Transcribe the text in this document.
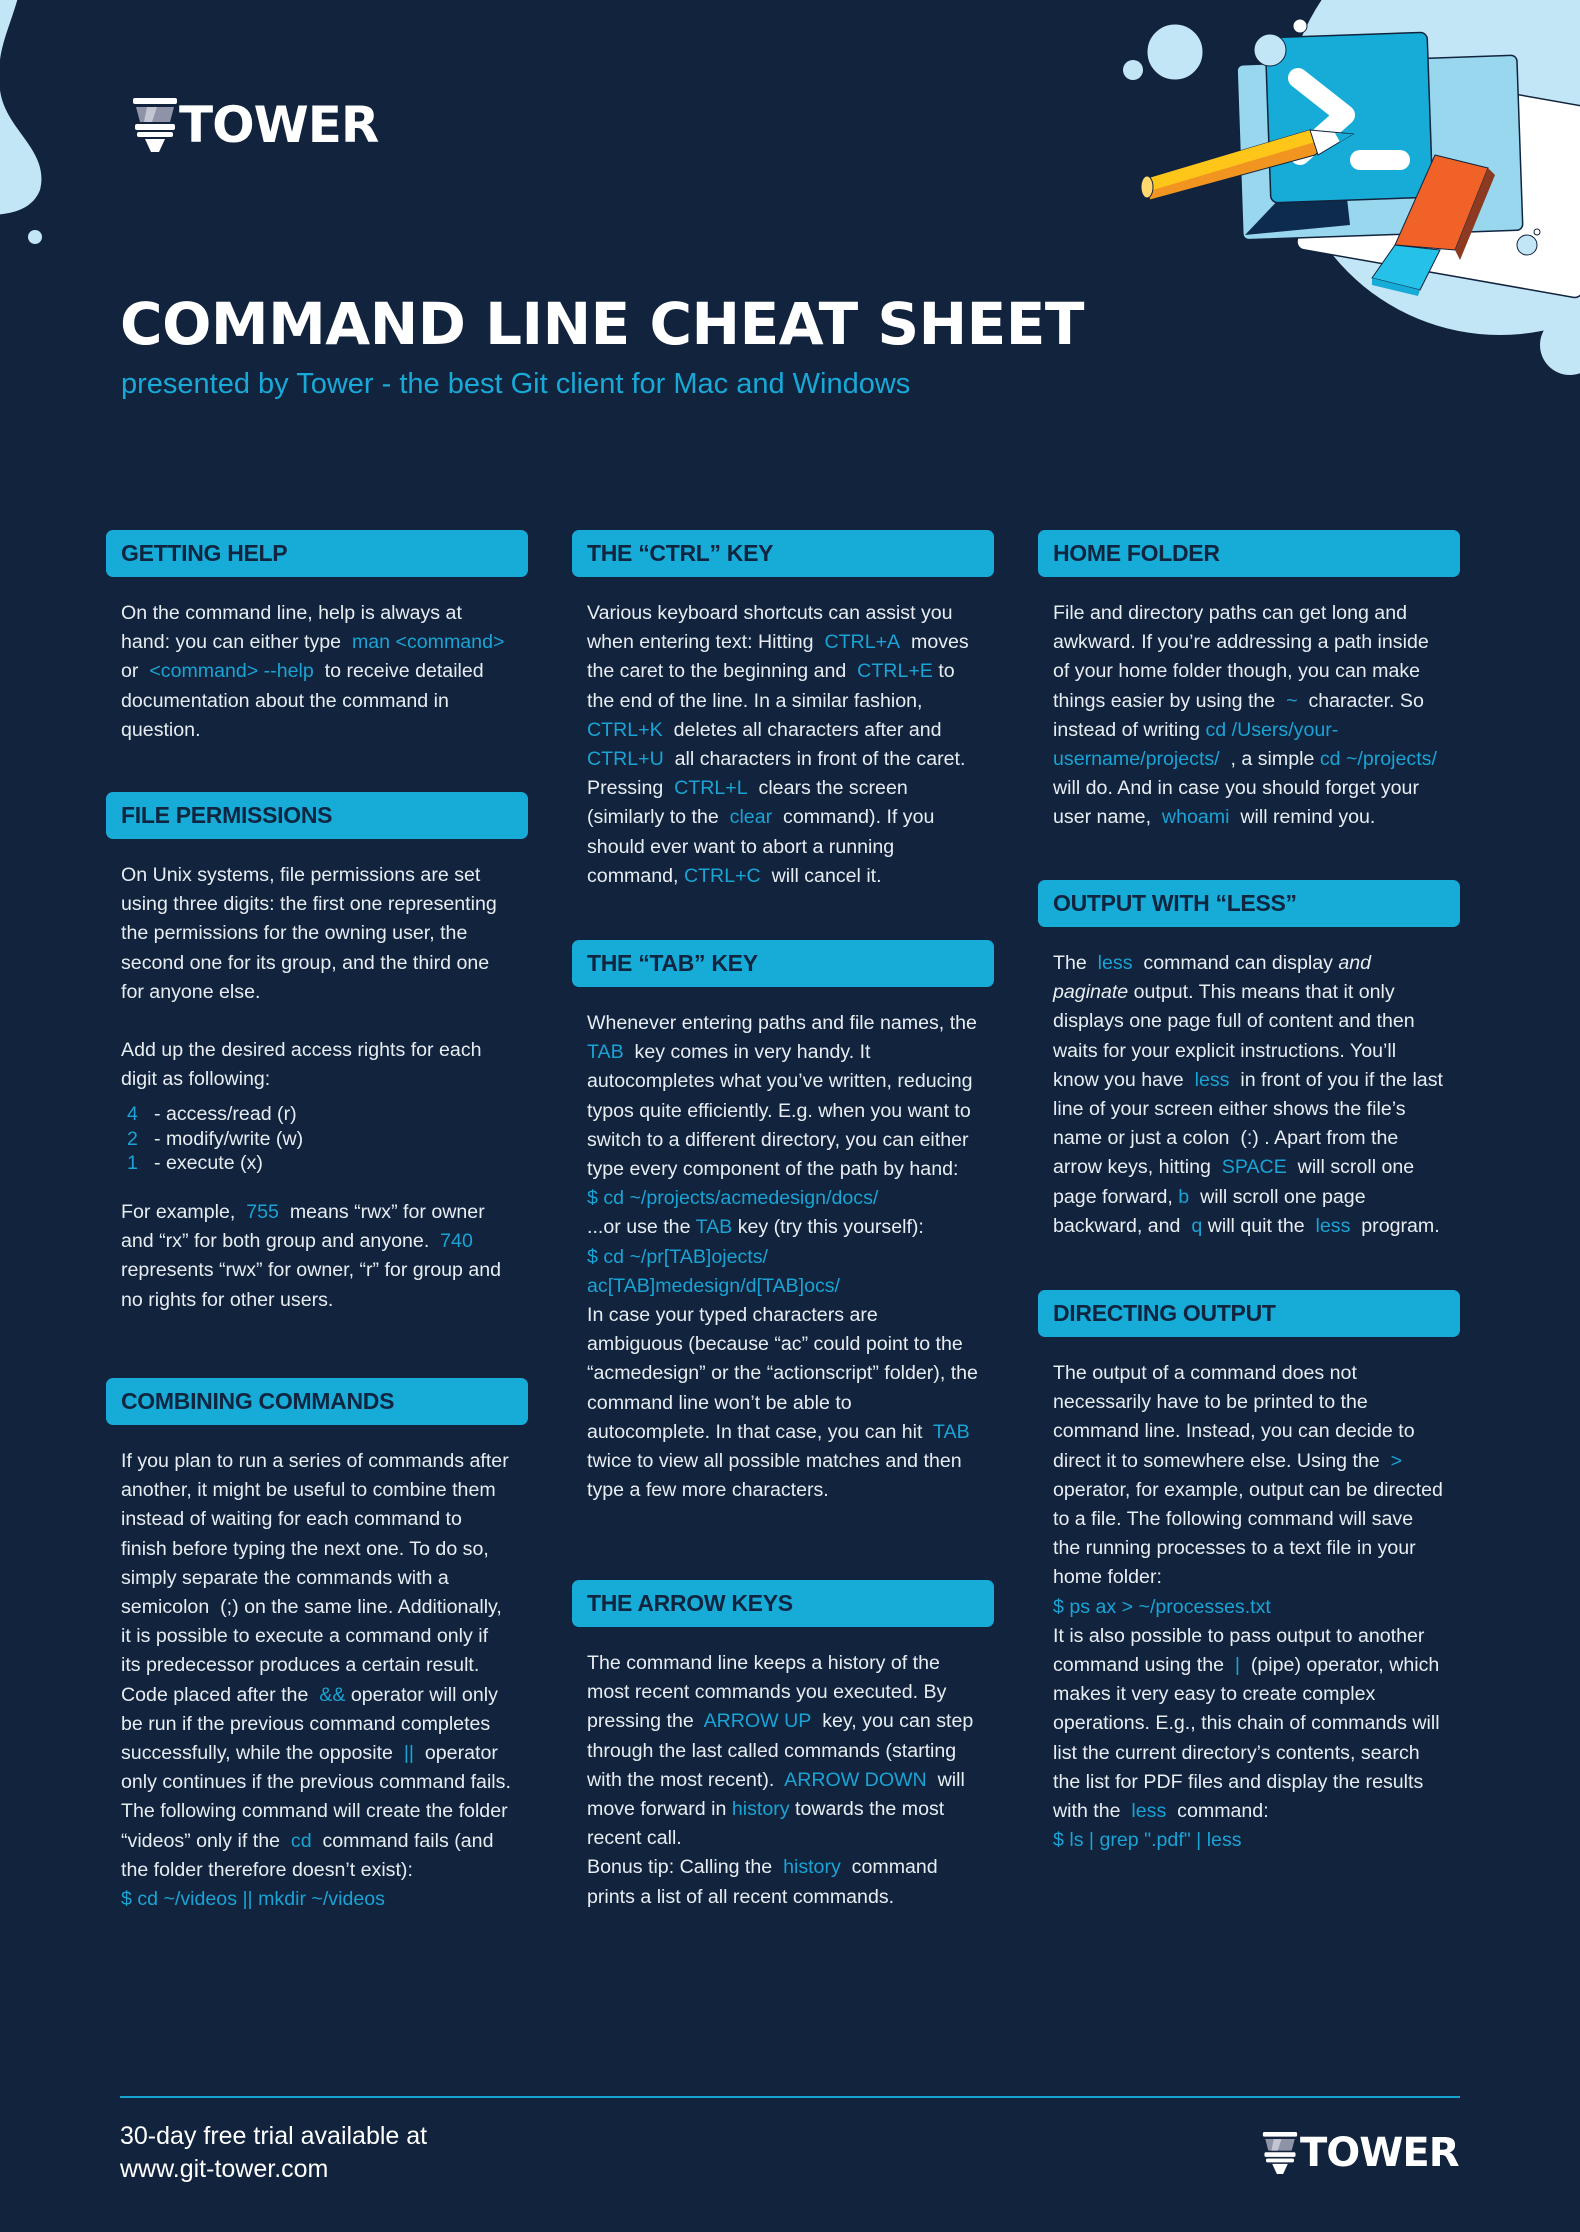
TOWER
COMMAND LINE CHEAT SHEET
presented by Tower - the best Git client for Mac and Windows
GETTING HELP
On the command line, help is always at hand: you can either type man <command> or <command> --help to receive detailed documentation about the command in question.
FILE PERMISSIONS
On Unix systems, file permissions are set using three digits: the first one representing the permissions for the owning user, the second one for its group, and the third one for anyone else.
Add up the desired access rights for each digit as following:
4 - access/read (r)
2 - modify/write (w)
1 - execute (x)
For example, 755 means “rwx” for owner and “rx” for both group and anyone. 740 represents “rwx” for owner, “r” for group and no rights for other users.
COMBINING COMMANDS
If you plan to run a series of commands after another, it might be useful to combine them instead of waiting for each command to finish before typing the next one. To do so, simply separate the commands with a semicolon (;) on the same line. Additionally, it is possible to execute a command only if its predecessor produces a certain result. Code placed after the && operator will only be run if the previous command completes successfully, while the opposite || operator only continues if the previous command fails. The following command will create the folder “videos” only if the cd command fails (and the folder therefore doesn’t exist):
$ cd ~/videos || mkdir ~/videos
THE “CTRL” KEY
Various keyboard shortcuts can assist you when entering text: Hitting CTRL+A moves the caret to the beginning and CTRL+E to the end of the line. In a similar fashion, CTRL+K deletes all characters after and CTRL+U all characters in front of the caret. Pressing CTRL+L clears the screen (similarly to the clear command). If you should ever want to abort a running command, CTRL+C will cancel it.
THE “TAB” KEY
Whenever entering paths and file names, the TAB key comes in very handy. It autocompletes what you’ve written, reducing typos quite efficiently. E.g. when you want to switch to a different directory, you can either type every component of the path by hand:
$ cd ~/projects/acmedesign/docs/
...or use the TAB key (try this yourself):
$ cd ~/pr[TAB]ojects/
ac[TAB]medesign/d[TAB]ocs/
In case your typed characters are ambiguous (because “ac” could point to the “acmedesign” or the “actionscript” folder), the command line won’t be able to autocomplete. In that case, you can hit TAB  twice to view all possible matches and then type a few more characters.
THE ARROW KEYS
The command line keeps a history of the most recent commands you executed. By pressing the ARROW UP key, you can step through the last called commands (starting with the most recent). ARROW DOWN will move forward in history towards the most recent call.
Bonus tip: Calling the history command prints a list of all recent commands.
HOME FOLDER
File and directory paths can get long and awkward. If you’re addressing a path inside of your home folder though, you can make things easier by using the ~ character. So instead of writing cd /Users/your-username/projects/ , a simple cd ~/projects/  will do. And in case you should forget your user name, whoami will remind you.
OUTPUT WITH “LESS”
The less command can display and paginate output. This means that it only displays one page full of content and then waits for your explicit instructions. You’ll know you have less in front of you if the last line of your screen either shows the file’s name or just a colon (:) . Apart from the arrow keys, hitting SPACE will scroll one page forward, b will scroll one page backward, and q will quit the less program.
DIRECTING OUTPUT
The output of a command does not necessarily have to be printed to the command line. Instead, you can decide to direct it to somewhere else. Using the > operator, for example, output can be directed to a file. The following command will save the running processes to a text file in your home folder:
$ ps ax > ~/processes.txt
It is also possible to pass output to another command using the | (pipe) operator, which makes it very easy to create complex operations. E.g., this chain of commands will list the current directory’s contents, search the list for PDF files and display the results with the less command:
$ ls | grep ".pdf" | less
30-day free trial available at
www.git-tower.com	TOWER
